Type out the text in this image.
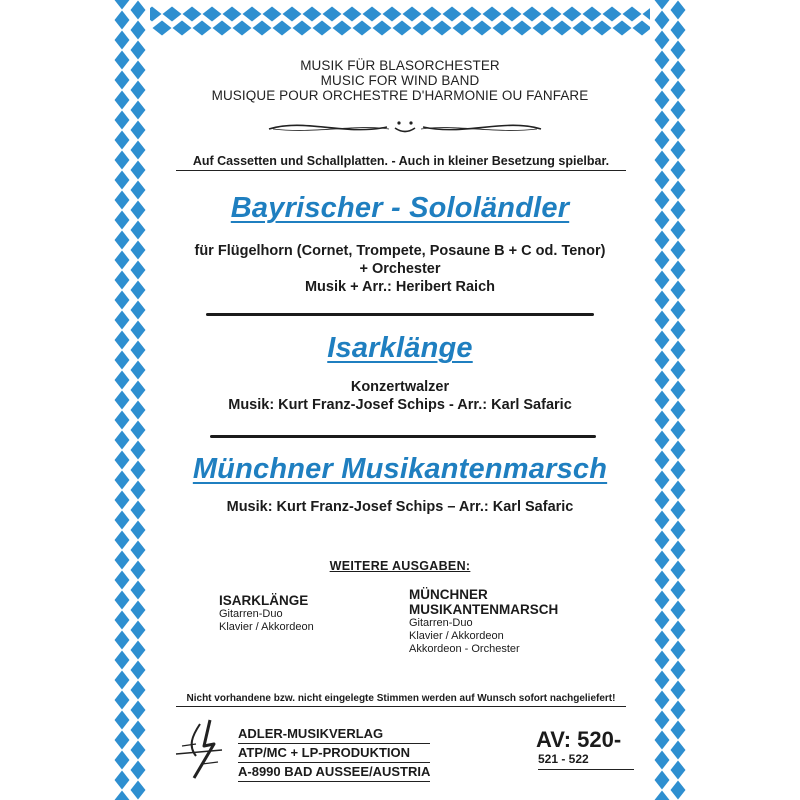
MUSIK FÜR BLASORCHESTER
MUSIC FOR WIND BAND
MUSIQUE POUR ORCHESTRE D'HARMONIE OU FANFARE
Auf Cassetten und Schallplatten. - Auch in kleiner Besetzung spielbar.
Bayrischer - Sololändler
für Flügelhorn (Cornet, Trompete, Posaune B + C od. Tenor)
+ Orchester
Musik + Arr.: Heribert Raich
Isarklänge
Konzertwalzer
Musik: Kurt Franz-Josef Schips - Arr.: Karl Safaric
Münchner Musikantenmarsch
Musik: Kurt Franz-Josef Schips – Arr.: Karl Safaric
WEITERE AUSGABEN:
ISARKLÄNGE
Gitarren-Duo
Klavier / Akkordeon
MÜNCHNER
MUSIKANTENMARSCH
Gitarren-Duo
Klavier / Akkordeon
Akkordeon - Orchester
Nicht vorhandene bzw. nicht eingelegte Stimmen werden auf Wunsch sofort nachgeliefert!
ADLER-MUSIKVERLAG
ATP/MC + LP-PRODUKTION
A-8990 BAD AUSSEE/AUSTRIA
AV: 520-
521 - 522
